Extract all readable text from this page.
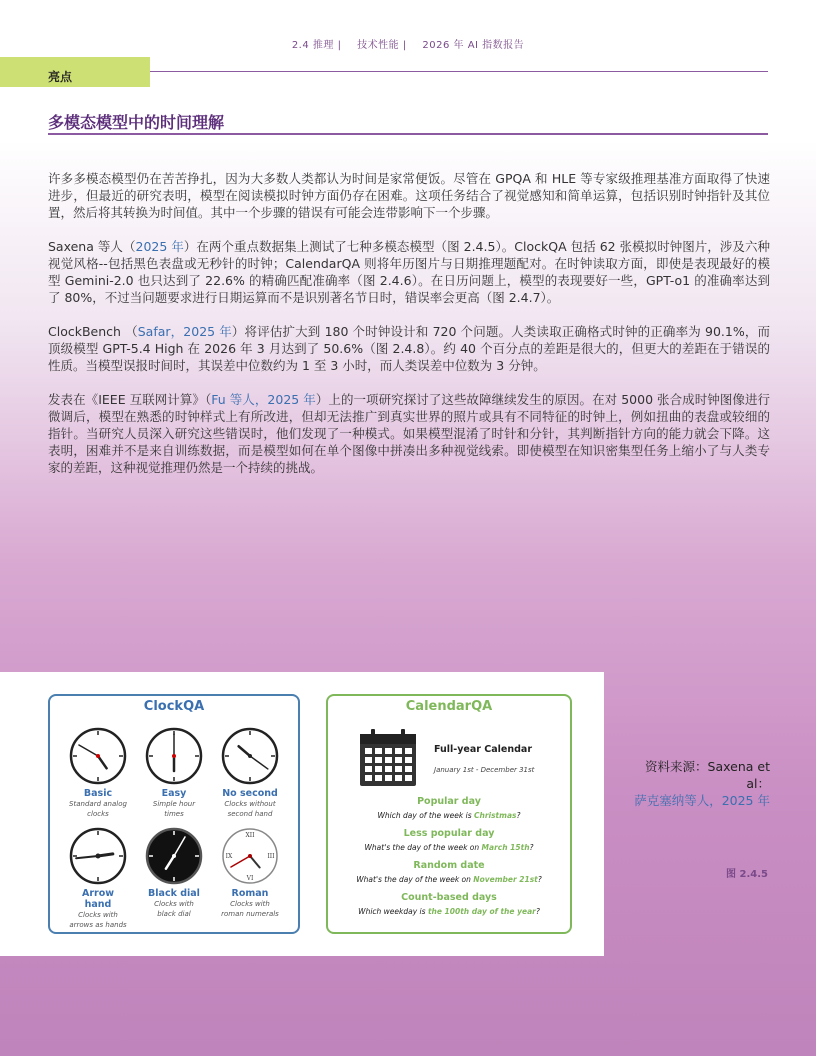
2.4 推理 | 技术性能 | 2026 年 AI 指数报告
亮点
多模态模型中的时间理解

许多多模态模型仍在苦苦挣扎，因为大多数人类都认为时间是家常便饭。尽管在 GPQA 和 HLE 等专家级推理基准方面取得了快速进步，但最近的研究表明，模型在阅读模拟时钟方面仍存在困难。这项任务结合了视觉感知和简单运算，包括识别时钟指针及其位置，然后将其转换为时间值。其中一个步骤的错误有可能会连带影响下一个步骤。

Saxena 等人（2025 年）在两个重点数据集上测试了七种多模态模型（图 2.4.5）。ClockQA 包括 62 张模拟时钟图片，涉及六种视觉风格--包括黑色表盘或无秒针的时钟；CalendarQA 则将年历图片与日期推理题配对。在时钟读取方面，即使是表现最好的模型 Gemini-2.0 也只达到了 22.6% 的精确匹配准确率（图 2.4.6）。在日历问题上，模型的表现要好一些，GPT-o1 的准确率达到了 80%，不过当问题要求进行日期运算而不是识别著名节日时，错误率会更高（图 2.4.7）。

ClockBench （Safar，2025 年）将评估扩大到 180 个时钟设计和 720 个问题。人类读取正确格式时钟的正确率为 90.1%，而顶级模型 GPT-5.4 High 在 2026 年 3 月达到了 50.6%（图 2.4.8）。约 40 个百分点的差距是很大的，但更大的差距在于错误的性质。当模型误报时间时，其误差中位数约为 1 至 3 小时，而人类误差中位数为 3 分钟。

发表在《IEEE 互联网计算》（Fu 等人，2025 年）上的一项研究探讨了这些故障继续发生的原因。在对 5000 张合成时钟图像进行微调后，模型在熟悉的时钟样式上有所改进，但却无法推广到真实世界的照片或具有不同特征的时钟上，例如扭曲的表盘或较细的指针。当研究人员深入研究这些错误时，他们发现了一种模式。如果模型混淆了时针和分针，其判断指针方向的能力就会下降。这表明，困难并不是来自训练数据，而是模型如何在单个图像中拼凑出多种视觉线索。即使模型在知识密集型任务上缩小了与人类专家的差距，这种视觉推理仍然是一个持续的挑战。

ClockQA
Basic
Standard analog
clocks
Easy
Simple hour
times
No second
Clocks without
second hand
Arrow hand
Clocks with
arrows as hands
Black dial
Clocks with
black dial
XII
III
VI
IX
Roman
Clocks with
roman numerals
CalendarQA
Full-year Calendar
January 1st - December 31st
Popular day
Which day of the week is Christmas?
Less popular day
What's the day of the week on March 15th?
Random date
What's the day of the week on November 21st?
Count-based days
Which weekday is the 100th day of the year?
资料来源：Saxena et al：
萨克塞纳等人，2025 年
图 2.4.5
